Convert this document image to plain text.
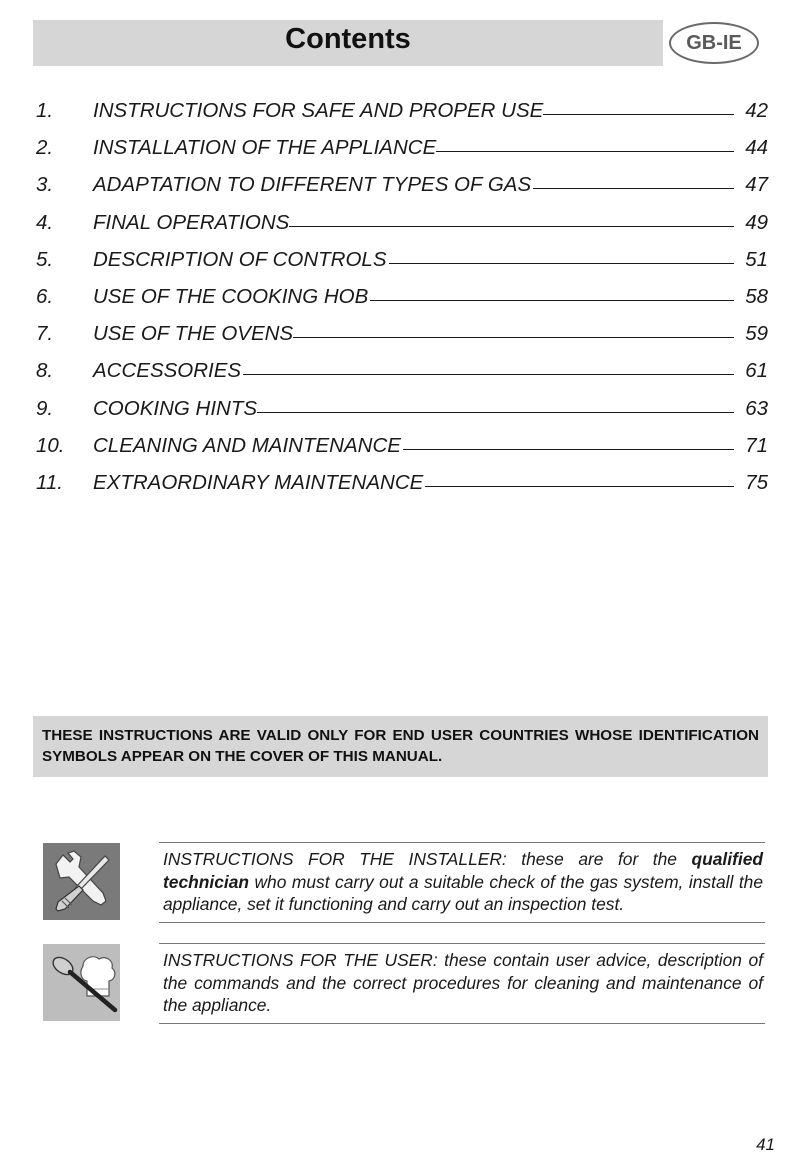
Contents	GB-IE
1.	INSTRUCTIONS FOR SAFE AND PROPER USE	42
2.	INSTALLATION OF THE APPLIANCE	44
3.	ADAPTATION TO DIFFERENT TYPES OF GAS	47
4.	FINAL OPERATIONS	49
5.	DESCRIPTION OF CONTROLS	51
6.	USE OF THE COOKING HOB	58
7.	USE OF THE OVENS	59
8.	ACCESSORIES	61
9.	COOKING HINTS	63
10.	CLEANING AND MAINTENANCE	71
11.	EXTRAORDINARY MAINTENANCE	75
THESE INSTRUCTIONS ARE VALID ONLY FOR END USER COUNTRIES WHOSE IDENTIFICATION SYMBOLS APPEAR ON THE COVER OF THIS MANUAL.
INSTRUCTIONS FOR THE INSTALLER: these are for the qualified technician who must carry out a suitable check of the gas system, install the appliance, set it functioning and carry out an inspection test.
INSTRUCTIONS FOR THE USER: these contain user advice, description of the commands and the correct procedures for cleaning and maintenance of the appliance.
41
